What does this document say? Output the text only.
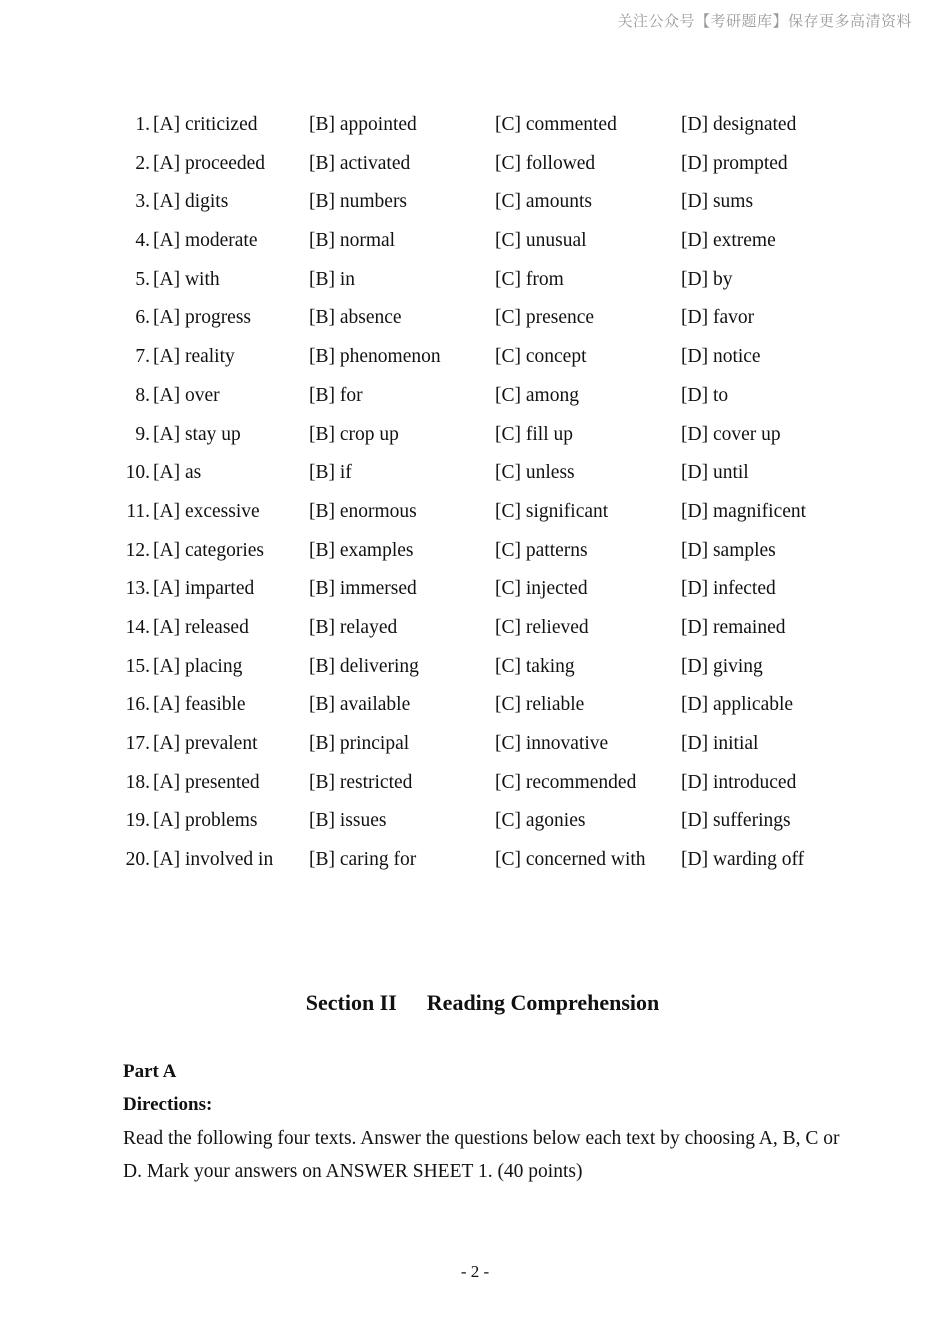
关注公众号【考研题库】保存更多高清资料
1. [A] criticized	[B] appointed	[C] commented	[D] designated
2. [A] proceeded [B] activated	[C] followed	[D] prompted
3. [A] digits	[B] numbers	[C] amounts	[D] sums
4. [A] moderate	[B] normal	[C] unusual	[D] extreme
5. [A] with	[B] in	[C] from	[D] by
6. [A] progress	[B] absence	[C] presence	[D] favor
7. [A] reality	[B] phenomenon	[C] concept	[D] notice
8. [A] over	[B] for	[C] among	[D] to
9. [A] stay up	[B] crop up	[C] fill up	[D] cover up
10. [A] as	[B] if	[C] unless	[D] until
11. [A] excessive	[B] enormous	[C] significant	[D] magnificent
12. [A] categories [B] examples	[C] patterns	[D] samples
13. [A] imparted	[B] immersed	[C] injected	[D] infected
14. [A] released	[B] relayed	[C] relieved	[D] remained
15. [A] placing	[B] delivering	[C] taking	[D] giving
16. [A] feasible	[B] available	[C] reliable	[D] applicable
17. [A] prevalent	[B] principal	[C] innovative	[D] initial
18. [A] presented	[B] restricted	[C] recommended [D] introduced
19. [A] problems	[B] issues	[C] agonies	[D] sufferings
20. [A] involved in [B] caring for	[C] concerned with [D] warding off
Section II Reading Comprehension
Part A
Directions:
Read the following four texts. Answer the questions below each text by choosing A, B, C or D. Mark your answers on ANSWER SHEET 1. (40 points)
- 2 -
